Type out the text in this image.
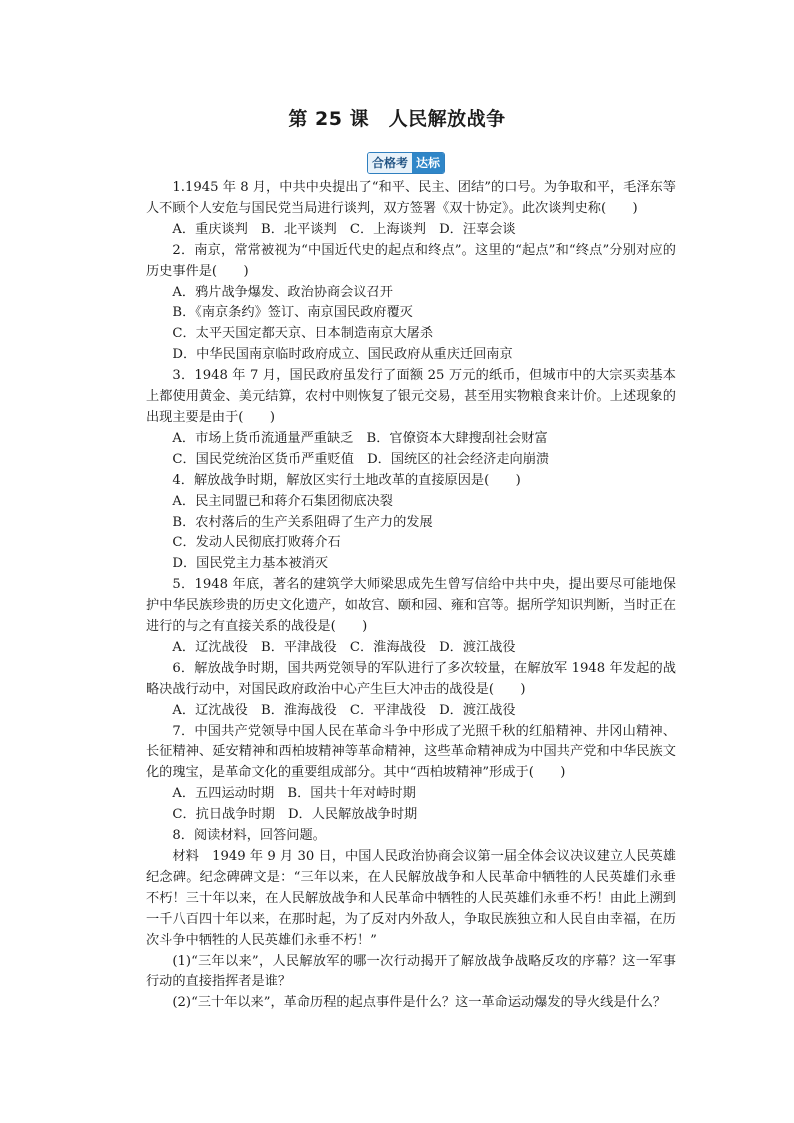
第 25 课　人民解放战争
合格考 达标

1.1945 年 8 月，中共中央提出了“和平、民主、团结”的口号。为争取和平，毛泽东等人不顾个人安危与国民党当局进行谈判，双方签署《双十协定》。此次谈判史称(　　)

A．重庆谈判　B．北平谈判　C．上海谈判　D．汪辜会谈

2．南京，常常被视为“中国近代史的起点和终点”。这里的“起点”和“终点”分别对应的历史事件是(　　)

A．鸦片战争爆发、政治协商会议召开

B．《南京条约》签订、南京国民政府覆灭

C．太平天国定都天京、日本制造南京大屠杀

D．中华民国南京临时政府成立、国民政府从重庆迁回南京

3．1948 年 7 月，国民政府虽发行了面额 25 万元的纸币，但城市中的大宗买卖基本上都使用黄金、美元结算，农村中则恢复了银元交易，甚至用实物粮食来计价。上述现象的出现主要是由于(　　)

A．市场上货币流通量严重缺乏　B．官僚资本大肆搜刮社会财富

C．国民党统治区货币严重贬值　D．国统区的社会经济走向崩溃

4．解放战争时期，解放区实行土地改革的直接原因是(　　)

A．民主同盟已和蒋介石集团彻底决裂

B．农村落后的生产关系阻碍了生产力的发展

C．发动人民彻底打败蒋介石

D．国民党主力基本被消灭

5．1948 年底，著名的建筑学大师梁思成先生曾写信给中共中央，提出要尽可能地保护中华民族珍贵的历史文化遗产，如故宫、颐和园、雍和宫等。据所学知识判断，当时正在进行的与之有直接关系的战役是(　　)

A．辽沈战役　B．平津战役　C．淮海战役　D．渡江战役

6．解放战争时期，国共两党领导的军队进行了多次较量，在解放军 1948 年发起的战略决战行动中，对国民政府政治中心产生巨大冲击的战役是(　　)

A．辽沈战役　B．淮海战役　C．平津战役　D．渡江战役

7．中国共产党领导中国人民在革命斗争中形成了光照千秋的红船精神、井冈山精神、长征精神、延安精神和西柏坡精神等革命精神，这些革命精神成为中国共产党和中华民族文化的瑰宝，是革命文化的重要组成部分。其中“西柏坡精神”形成于(　　)

A．五四运动时期　B．国共十年对峙时期

C．抗日战争时期　D．人民解放战争时期

8．阅读材料，回答问题。

材料　1949 年 9 月 30 日，中国人民政治协商会议第一届全体会议决议建立人民英雄纪念碑。纪念碑碑文是：“三年以来，在人民解放战争和人民革命中牺牲的人民英雄们永垂不朽！三十年以来，在人民解放战争和人民革命中牺牲的人民英雄们永垂不朽！由此上溯到一千八百四十年以来，在那时起，为了反对内外敌人，争取民族独立和人民自由幸福，在历次斗争中牺牲的人民英雄们永垂不朽！”

(1)“三年以来”，人民解放军的哪一次行动揭开了解放战争战略反攻的序幕？这一军事行动的直接指挥者是谁？

(2)“三十年以来”，革命历程的起点事件是什么？这一革命运动爆发的导火线是什么？
